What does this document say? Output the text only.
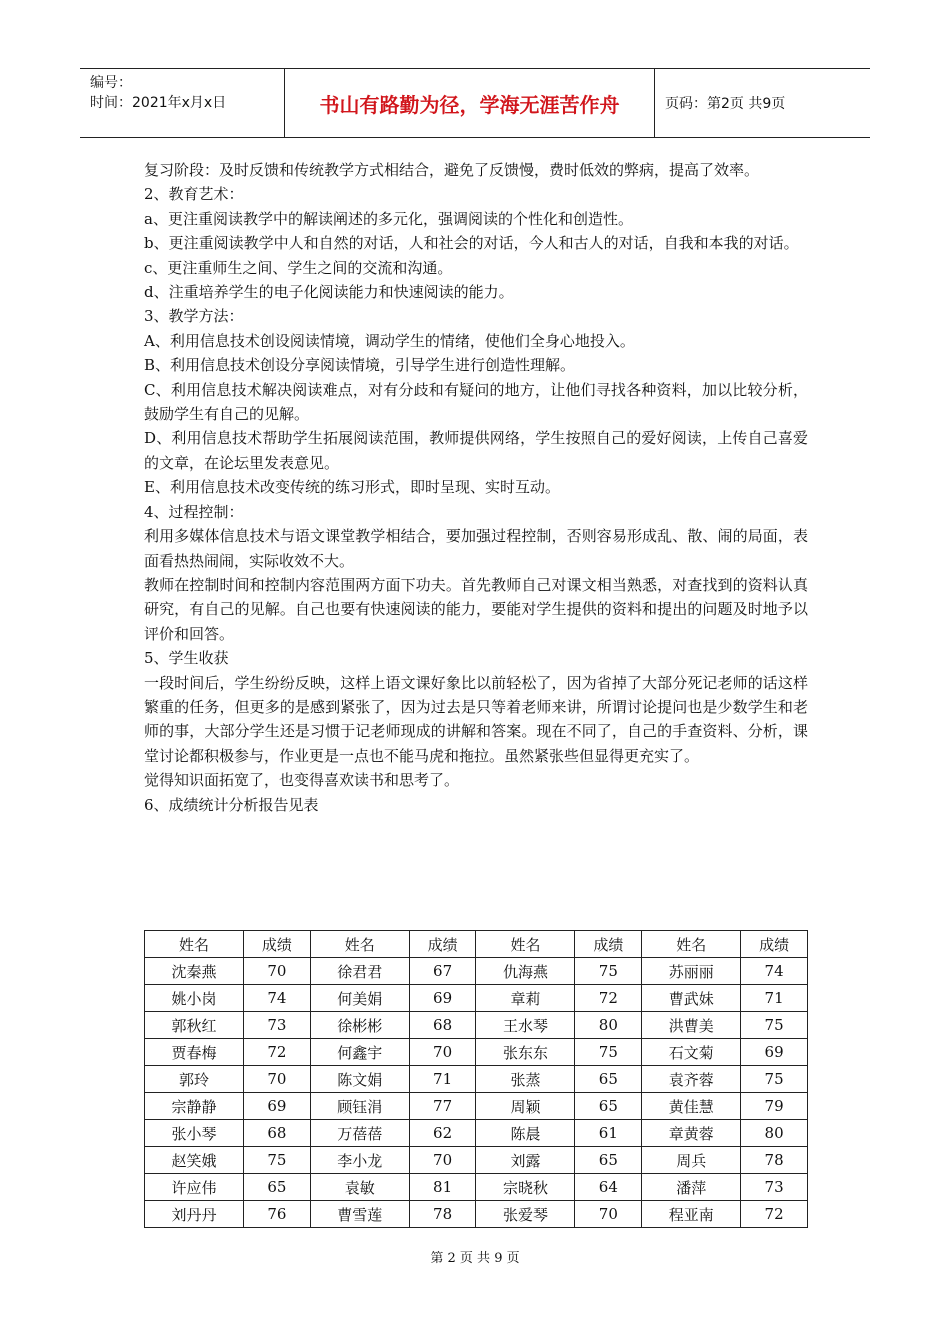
编号：
时间：2021年x月x日	书山有路勤为径，学海无涯苦作舟	页码：第2页 共9页

复习阶段：及时反馈和传统教学方式相结合，避免了反馈慢，费时低效的弊病，提高了效率。

2、教育艺术：

a、更注重阅读教学中的解读阐述的多元化，强调阅读的个性化和创造性。

b、更注重阅读教学中人和自然的对话，人和社会的对话，今人和古人的对话，自我和本我的对话。

c、更注重师生之间、学生之间的交流和沟通。

d、注重培养学生的电子化阅读能力和快速阅读的能力。

3、教学方法：

A、利用信息技术创设阅读情境，调动学生的情绪，使他们全身心地投入。

B、利用信息技术创设分享阅读情境，引导学生进行创造性理解。

C、利用信息技术解决阅读难点，对有分歧和有疑问的地方，让他们寻找各种资料，加以比较分析，鼓励学生有自己的见解。

D、利用信息技术帮助学生拓展阅读范围，教师提供网络，学生按照自己的爱好阅读，上传自己喜爱的文章，在论坛里发表意见。

E、利用信息技术改变传统的练习形式，即时呈现、实时互动。

4、过程控制：

利用多媒体信息技术与语文课堂教学相结合，要加强过程控制，否则容易形成乱、散、闹的局面，表面看热热闹闹，实际收效不大。

教师在控制时间和控制内容范围两方面下功夫。首先教师自己对课文相当熟悉，对查找到的资料认真研究，有自己的见解。自己也要有快速阅读的能力，要能对学生提供的资料和提出的问题及时地予以评价和回答。

5、学生收获

一段时间后，学生纷纷反映，这样上语文课好象比以前轻松了，因为省掉了大部分死记老师的话这样繁重的任务，但更多的是感到紧张了，因为过去是只等着老师来讲，所谓讨论提问也是少数学生和老师的事，大部分学生还是习惯于记老师现成的讲解和答案。现在不同了，自己的手查资料、分析，课堂讨论都积极参与，作业更是一点也不能马虎和拖拉。虽然紧张些但显得更充实了。

觉得知识面拓宽了，也变得喜欢读书和思考了。

6、成绩统计分析报告见表

姓名	成绩	姓名	成绩	姓名	成绩	姓名	成绩
沈秦燕	70	徐君君	67	仇海燕	75	苏丽丽	74
姚小岗	74	何美娟	69	章莉	72	曹武妹	71
郭秋红	73	徐彬彬	68	王水琴	80	洪曹美	75
贾春梅	72	何鑫宇	70	张东东	75	石文菊	69
郭玲	70	陈文娟	71	张蒸	65	袁齐蓉	75
宗静静	69	顾钰涓	77	周颖	65	黄佳慧	79
张小琴	68	万蓓蓓	62	陈晨	61	章黄蓉	80
赵笑娥	75	李小龙	70	刘露	65	周兵	78
许应伟	65	袁敏	81	宗晓秋	64	潘萍	73
刘丹丹	76	曹雪莲	78	张爱琴	70	程亚南	72
第 2 页 共 9 页
